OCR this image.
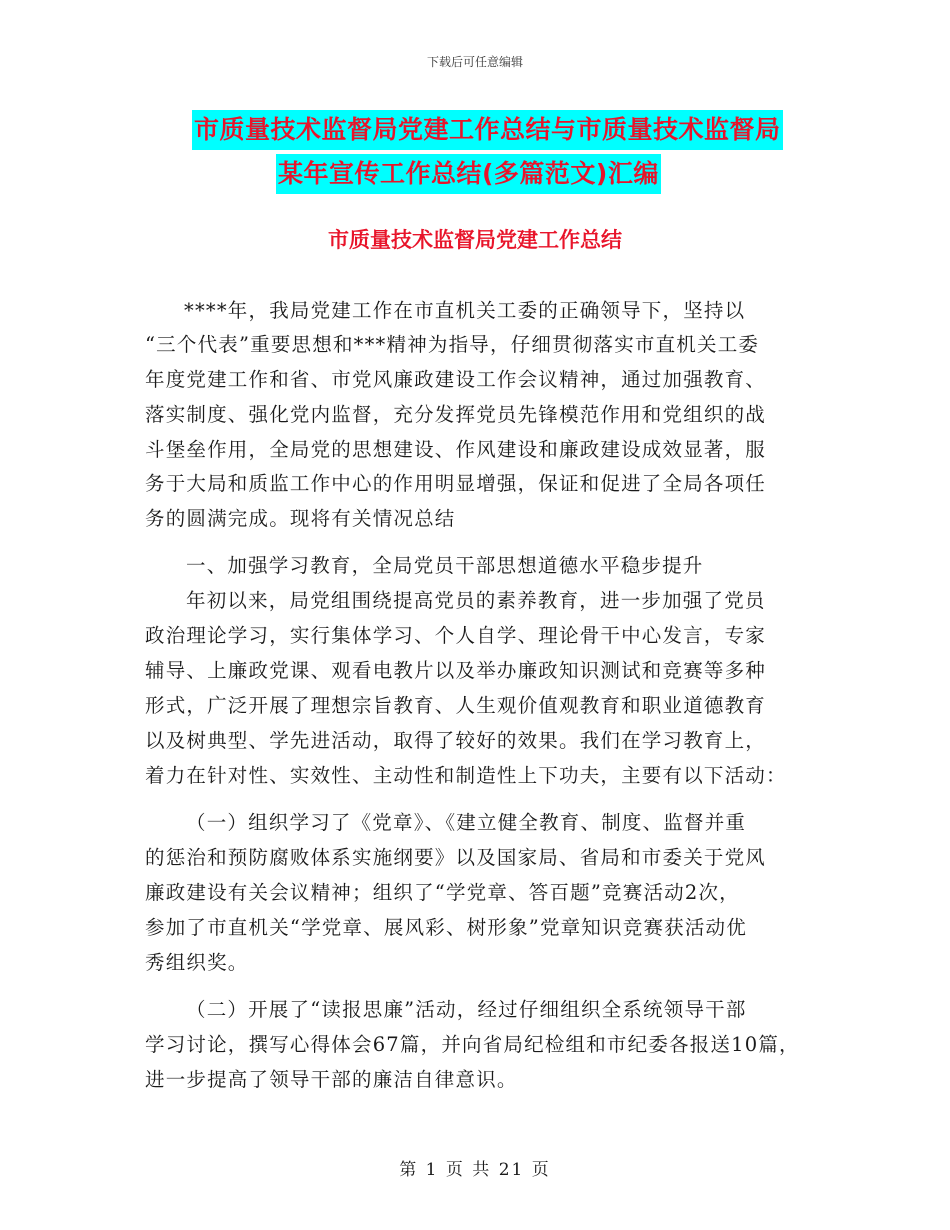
下载后可任意编辑
市质量技术监督局党建工作总结与市质量技术监督局
某年宣传工作总结(多篇范文)汇编
市质量技术监督局党建工作总结
****年，我局党建工作在市直机关工委的正确领导下，坚持以
“三个代表”重要思想和***精神为指导，仔细贯彻落实市直机关工委
年度党建工作和省、市党风廉政建设工作会议精神，通过加强教育、
落实制度、强化党内监督，充分发挥党员先锋模范作用和党组织的战
斗堡垒作用，全局党的思想建设、作风建设和廉政建设成效显著，服
务于大局和质监工作中心的作用明显增强，保证和促进了全局各项任
务的圆满完成。现将有关情况总结
一、加强学习教育，全局党员干部思想道德水平稳步提升
年初以来，局党组围绕提高党员的素养教育，进一步加强了党员
政治理论学习，实行集体学习、个人自学、理论骨干中心发言，专家
辅导、上廉政党课、观看电教片以及举办廉政知识测试和竞赛等多种
形式，广泛开展了理想宗旨教育、人生观价值观教育和职业道德教育
以及树典型、学先进活动，取得了较好的效果。我们在学习教育上，
着力在针对性、实效性、主动性和制造性上下功夫，主要有以下活动：
（一）组织学习了《党章》、《建立健全教育、制度、监督并重
的惩治和预防腐败体系实施纲要》以及国家局、省局和市委关于党风
廉政建设有关会议精神；组织了“学党章、答百题”竞赛活动2次，
参加了市直机关“学党章、展风彩、树形象”党章知识竞赛获活动优
秀组织奖。
（二）开展了“读报思廉”活动，经过仔细组织全系统领导干部
学习讨论，撰写心得体会67篇，并向省局纪检组和市纪委各报送10篇，
进一步提高了领导干部的廉洁自律意识。
第 1 页 共 21 页
